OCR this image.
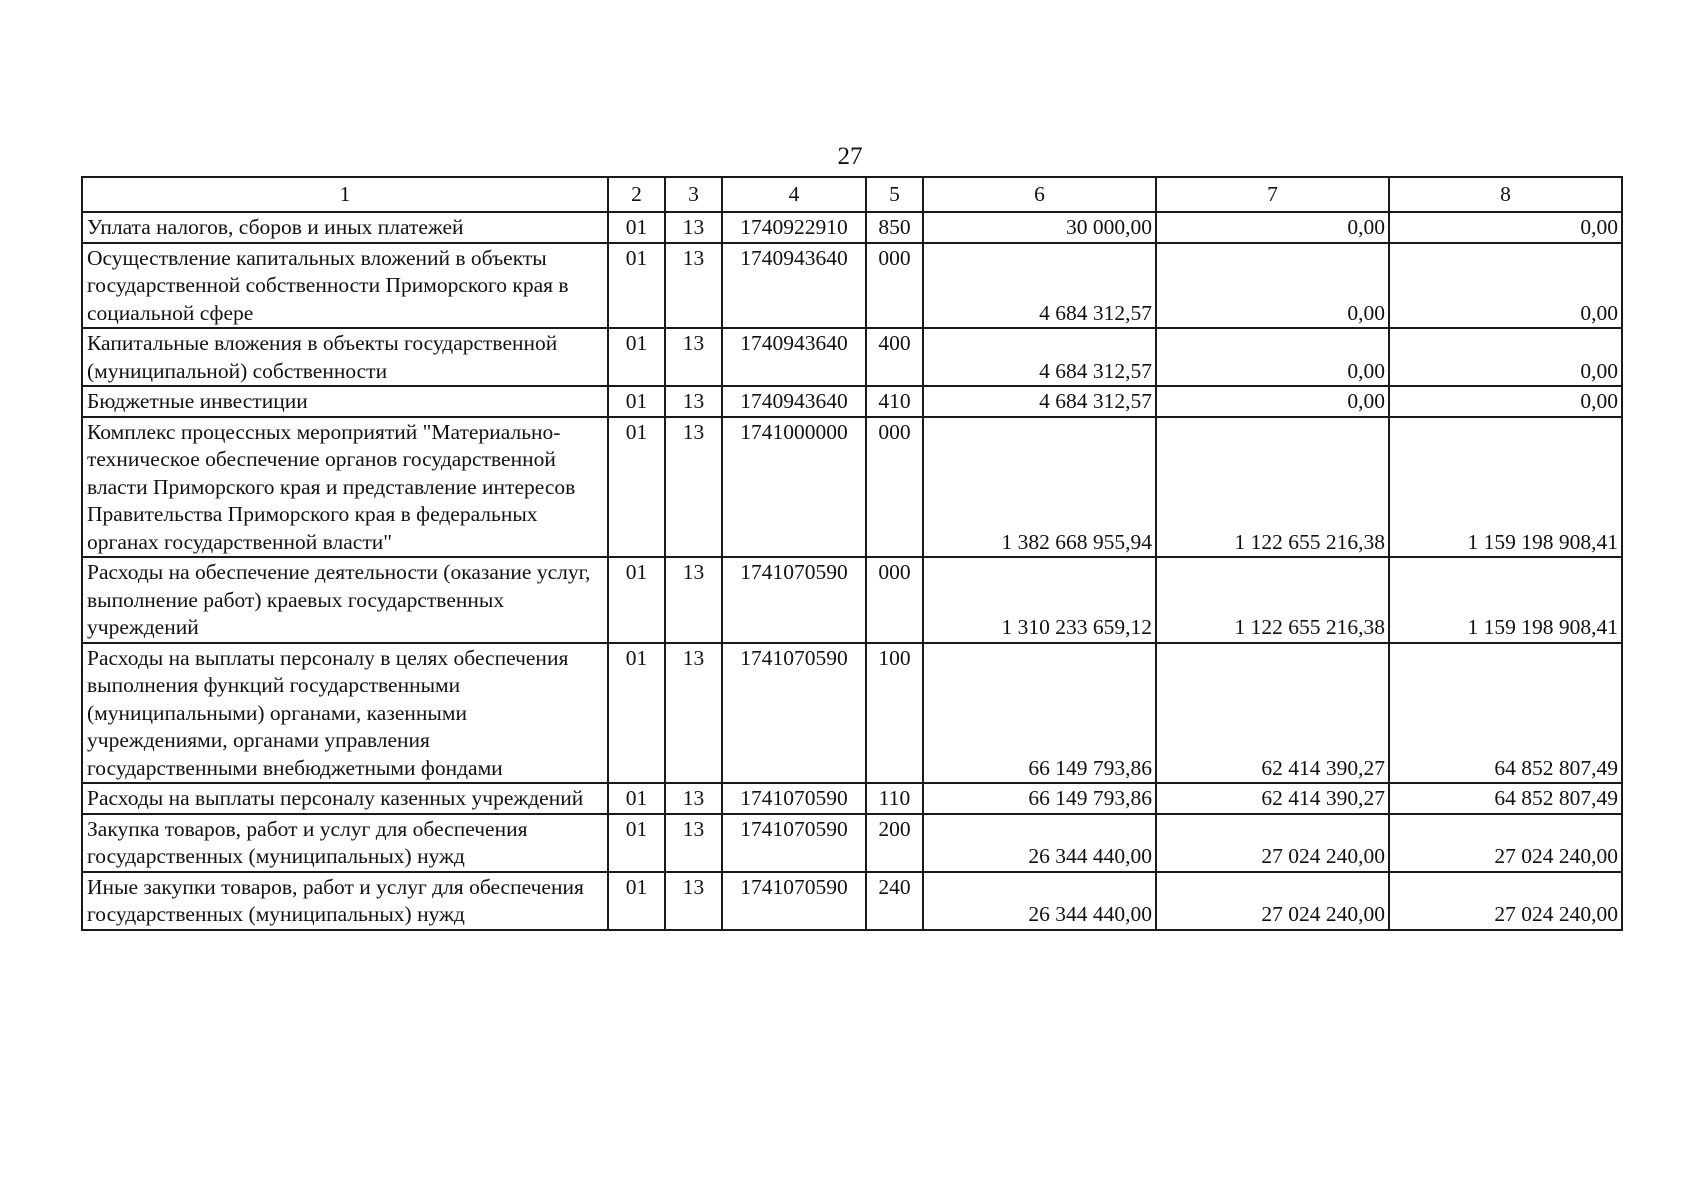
27
1	2	3	4	5	6	7	8
Уплата налогов, сборов и иных платежей	01	13	1740922910	850	30 000,00	0,00	0,00
Осуществление капитальных вложений в объекты государственной собственности Приморского края в социальной сфере	01	13	1740943640	000	4 684 312,57	0,00	0,00
Капитальные вложения в объекты государственной (муниципальной) собственности	01	13	1740943640	400	4 684 312,57	0,00	0,00
Бюджетные инвестиции	01	13	1740943640	410	4 684 312,57	0,00	0,00
Комплекс процессных мероприятий "Материально-техническое обеспечение органов государственной власти Приморского края и представление интересов Правительства Приморского края в федеральных органах государственной власти"	01	13	1741000000	000	1 382 668 955,94	1 122 655 216,38	1 159 198 908,41
Расходы на обеспечение деятельности (оказание услуг, выполнение работ) краевых государственных учреждений	01	13	1741070590	000	1 310 233 659,12	1 122 655 216,38	1 159 198 908,41
Расходы на выплаты персоналу в целях обеспечения выполнения функций государственными (муниципальными) органами, казенными учреждениями, органами управления государственными внебюджетными фондами	01	13	1741070590	100	66 149 793,86	62 414 390,27	64 852 807,49
Расходы на выплаты персоналу казенных учреждений	01	13	1741070590	110	66 149 793,86	62 414 390,27	64 852 807,49
Закупка товаров, работ и услуг для обеспечения государственных (муниципальных) нужд	01	13	1741070590	200	26 344 440,00	27 024 240,00	27 024 240,00
Иные закупки товаров, работ и услуг для обеспечения государственных (муниципальных) нужд	01	13	1741070590	240	26 344 440,00	27 024 240,00	27 024 240,00
